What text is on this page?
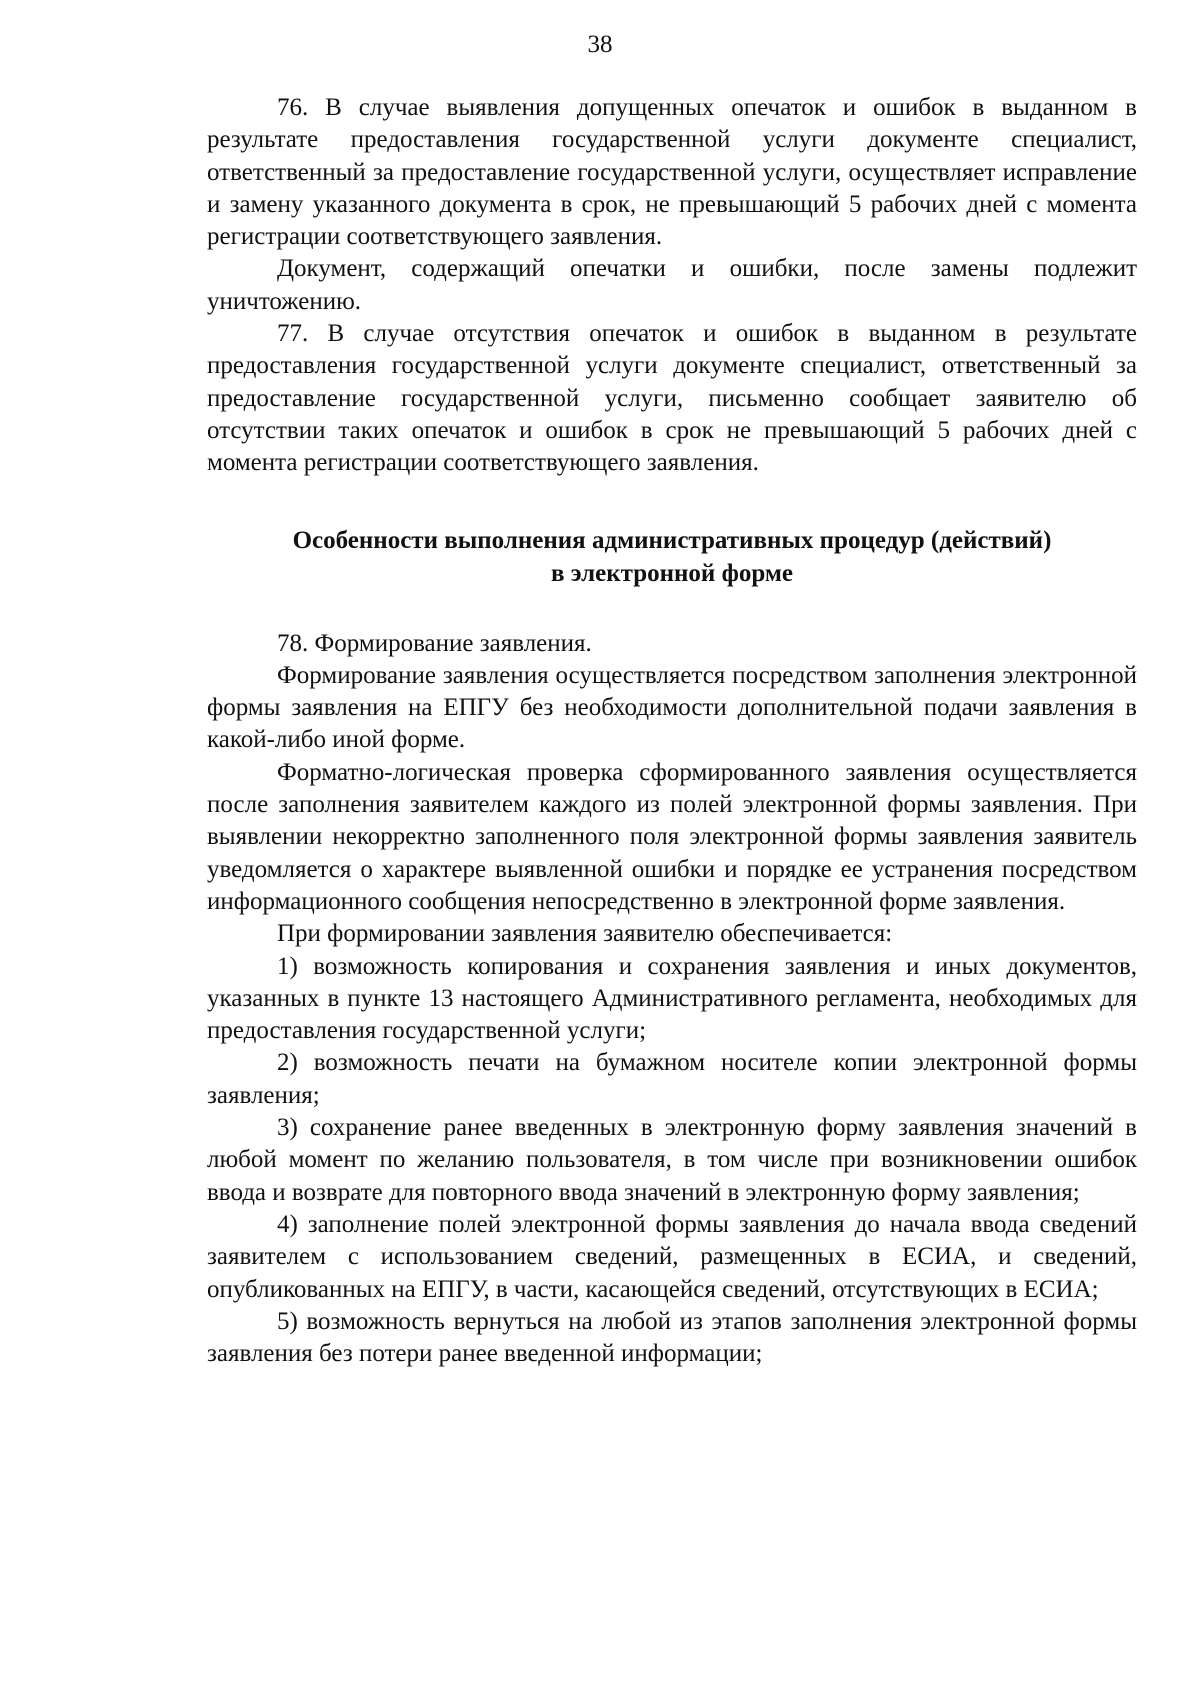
38

76. В случае выявления допущенных опечаток и ошибок в выданном в результате предоставления государственной услуги документе специалист, ответственный за предоставление государственной услуги, осуществляет исправление и замену указанного документа в срок, не превышающий 5 рабочих дней с момента регистрации соответствующего заявления.

Документ, содержащий опечатки и ошибки, после замены подлежит уничтожению.

77. В случае отсутствия опечаток и ошибок в выданном в результате предоставления государственной услуги документе специалист, ответственный за предоставление государственной услуги, письменно сообщает заявителю об отсутствии таких опечаток и ошибок в срок не превышающий 5 рабочих дней с момента регистрации соответствующего заявления.

Особенности выполнения административных процедур (действий)
в электронной форме

78. Формирование заявления.

Формирование заявления осуществляется посредством заполнения электронной формы заявления на ЕПГУ без необходимости дополнительной подачи заявления в какой-либо иной форме.

Форматно-логическая проверка сформированного заявления осуществляется после заполнения заявителем каждого из полей электронной формы заявления. При выявлении некорректно заполненного поля электронной формы заявления заявитель уведомляется о характере выявленной ошибки и порядке ее устранения посредством информационного сообщения непосредственно в электронной форме заявления.

При формировании заявления заявителю обеспечивается:

1) возможность копирования и сохранения заявления и иных документов, указанных в пункте 13 настоящего Административного регламента, необходимых для предоставления государственной услуги;

2) возможность печати на бумажном носителе копии электронной формы заявления;

3) сохранение ранее введенных в электронную форму заявления значений в любой момент по желанию пользователя, в том числе при возникновении ошибок ввода и возврате для повторного ввода значений в электронную форму заявления;

4) заполнение полей электронной формы заявления до начала ввода сведений заявителем с использованием сведений, размещенных в ЕСИА, и сведений, опубликованных на ЕПГУ, в части, касающейся сведений, отсутствующих в ЕСИА;

5) возможность вернуться на любой из этапов заполнения электронной формы заявления без потери ранее введенной информации;
